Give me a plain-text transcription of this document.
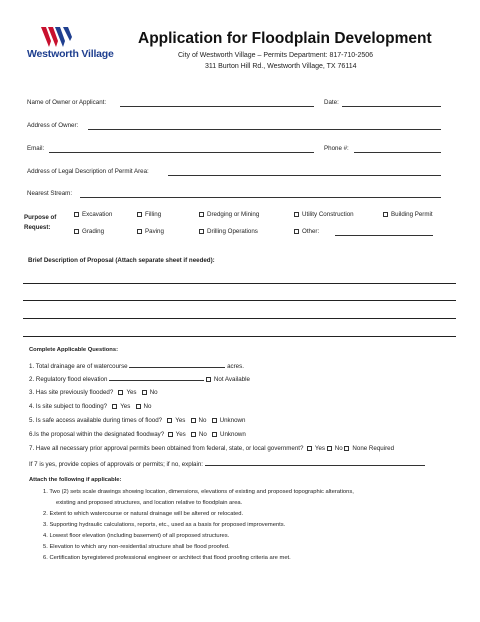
Westworth Village
Application for Floodplain Development
City of Westworth Village – Permits Department: 817-710-2506
311 Burton Hill Rd., Westworth Village, TX 76114
Name of Owner or Applicant:	Date:
Address of Owner:
Email:	Phone #:
Address of Legal Description of Permit Area:
Nearest Stream:
Purpose of
Request:
Excavation	Filling	Dredging or Mining	Utility Construction	Building Permit
Grading	Paving	Drilling Operations	Other:
Brief Description of Proposal (Attach separate sheet if needed):
Complete Applicable Questions:
1. Total drainage are of watercourse	acres.
2. Regulatory flood elevation	Not Available
3. Has site previously flooded? Yes No
4. Is site subject to flooding? Yes No
5. Is safe access available during times of flood? Yes No Unknown
6.Is the proposal within the designated floodway? Yes No Unknown
7. Have all necessary prior approval permits been obtained from federal, state, or local government? Yes No None Required
If 7 is yes, provide copies of approvals or permits; if no, explain:
Attach the following if applicable:
1. Two (2) sets scale drawings showing location, dimensions, elevations of existing and proposed topographic alterations,
existing and proposed structures, and location relative to floodplain area.
2. Extent to which watercourse or natural drainage will be altered or relocated.
3. Supporting hydraulic calculations, reports, etc., used as a basis for proposed improvements.
4. Lowest floor elevation (including basement) of all proposed structures.
5. Elevation to which any non-residential structure shall be flood proofed.
6. Certification byregistered professional engineer or architect that flood proofing criteria are met.
